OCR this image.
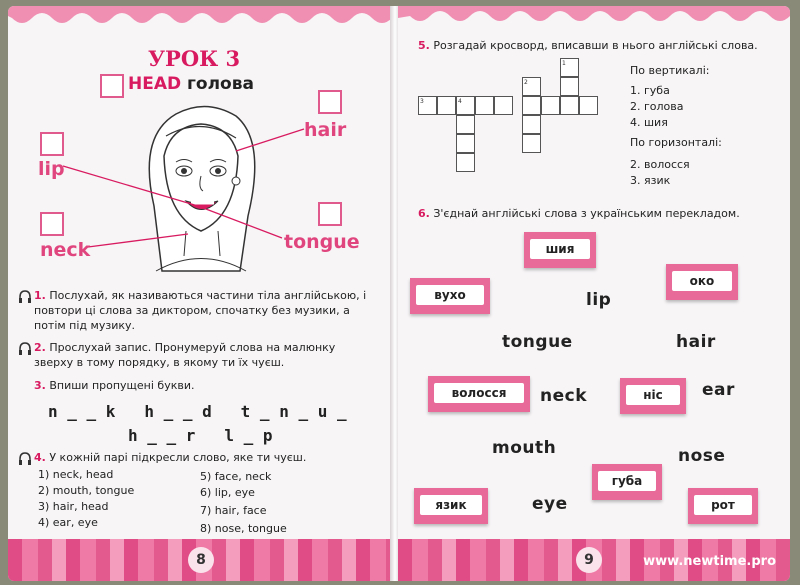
УРОК 3
HEAD голова
hair
lip
tongue
neck
1. Послухай, як називаються частини тіла англійською, і повтори ці слова за диктором, спочатку без музики, а потім під музику.
2. Прослухай запис. Пронумеруй слова на малюнку зверху в тому порядку, в якому ти їх чуєш.
3. Впиши пропущені букви.
n _ _ k   h _ _ d   t _ n _ u _
h _ _ r   l _ p
4. У кожній парі підкресли слово, яке ти чуєш.
1) neck, head
2) mouth, tongue
3) hair, head
4) ear, eye
5) face, neck
6) lip, eye
7) hair, face
8) nose, tongue
8
5. Розгадай кросворд, вписавши в нього англійські слова.
1
2
3	4
По вертикалі:
1. губа
2. голова
4. шия
По горизонталі:
2. волосся
3. язик
6. З'єднай англійські слова з українським перекладом.
шия
вухо
око
волосся	ніс
губа
язик	рот
lip
tongue	hair
neck	ear
mouth	nose
eye
9	www.newtime.pro
